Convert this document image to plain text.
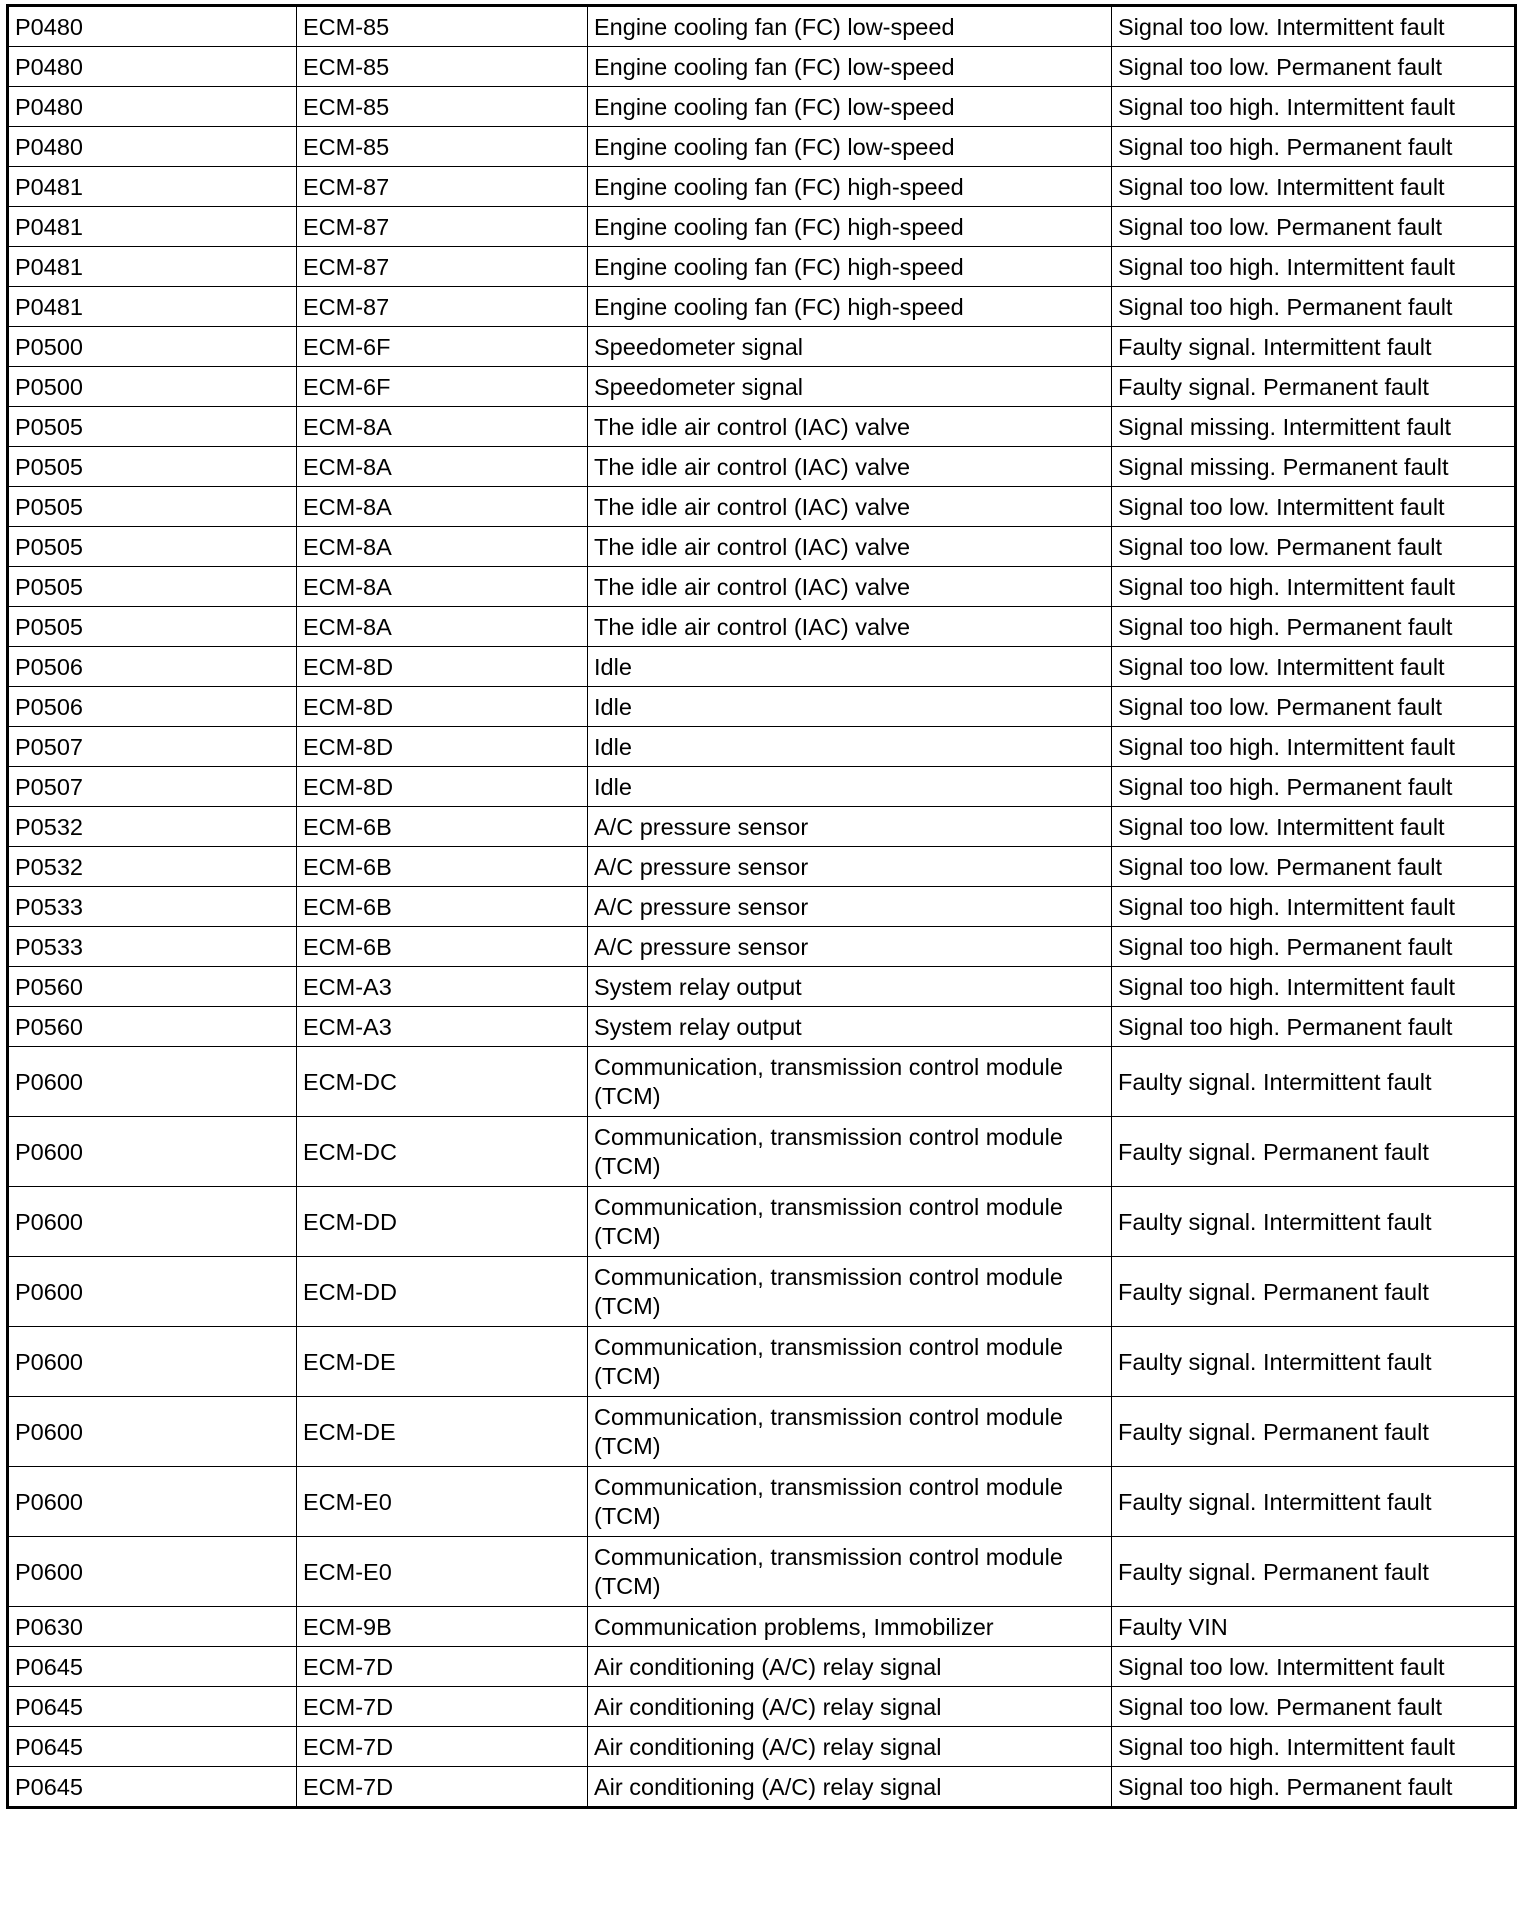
P0480	ECM-85	Engine cooling fan (FC) low-speed	Signal too low. Intermittent fault
P0480	ECM-85	Engine cooling fan (FC) low-speed	Signal too low. Permanent fault
P0480	ECM-85	Engine cooling fan (FC) low-speed	Signal too high. Intermittent fault
P0480	ECM-85	Engine cooling fan (FC) low-speed	Signal too high. Permanent fault
P0481	ECM-87	Engine cooling fan (FC) high-speed	Signal too low. Intermittent fault
P0481	ECM-87	Engine cooling fan (FC) high-speed	Signal too low. Permanent fault
P0481	ECM-87	Engine cooling fan (FC) high-speed	Signal too high. Intermittent fault
P0481	ECM-87	Engine cooling fan (FC) high-speed	Signal too high. Permanent fault
P0500	ECM-6F	Speedometer signal	Faulty signal. Intermittent fault
P0500	ECM-6F	Speedometer signal	Faulty signal. Permanent fault
P0505	ECM-8A	The idle air control (IAC) valve	Signal missing. Intermittent fault
P0505	ECM-8A	The idle air control (IAC) valve	Signal missing. Permanent fault
P0505	ECM-8A	The idle air control (IAC) valve	Signal too low. Intermittent fault
P0505	ECM-8A	The idle air control (IAC) valve	Signal too low. Permanent fault
P0505	ECM-8A	The idle air control (IAC) valve	Signal too high. Intermittent fault
P0505	ECM-8A	The idle air control (IAC) valve	Signal too high. Permanent fault
P0506	ECM-8D	Idle	Signal too low. Intermittent fault
P0506	ECM-8D	Idle	Signal too low. Permanent fault
P0507	ECM-8D	Idle	Signal too high. Intermittent fault
P0507	ECM-8D	Idle	Signal too high. Permanent fault
P0532	ECM-6B	A/C pressure sensor	Signal too low. Intermittent fault
P0532	ECM-6B	A/C pressure sensor	Signal too low. Permanent fault
P0533	ECM-6B	A/C pressure sensor	Signal too high. Intermittent fault
P0533	ECM-6B	A/C pressure sensor	Signal too high. Permanent fault
P0560	ECM-A3	System relay output	Signal too high. Intermittent fault
P0560	ECM-A3	System relay output	Signal too high. Permanent fault
P0600	ECM-DC	Communication, transmission control module (TCM)	Faulty signal. Intermittent fault
P0600	ECM-DC	Communication, transmission control module (TCM)	Faulty signal. Permanent fault
P0600	ECM-DD	Communication, transmission control module (TCM)	Faulty signal. Intermittent fault
P0600	ECM-DD	Communication, transmission control module (TCM)	Faulty signal. Permanent fault
P0600	ECM-DE	Communication, transmission control module (TCM)	Faulty signal. Intermittent fault
P0600	ECM-DE	Communication, transmission control module (TCM)	Faulty signal. Permanent fault
P0600	ECM-E0	Communication, transmission control module (TCM)	Faulty signal. Intermittent fault
P0600	ECM-E0	Communication, transmission control module (TCM)	Faulty signal. Permanent fault
P0630	ECM-9B	Communication problems, Immobilizer	Faulty VIN
P0645	ECM-7D	Air conditioning (A/C) relay signal	Signal too low. Intermittent fault
P0645	ECM-7D	Air conditioning (A/C) relay signal	Signal too low. Permanent fault
P0645	ECM-7D	Air conditioning (A/C) relay signal	Signal too high. Intermittent fault
P0645	ECM-7D	Air conditioning (A/C) relay signal	Signal too high. Permanent fault
